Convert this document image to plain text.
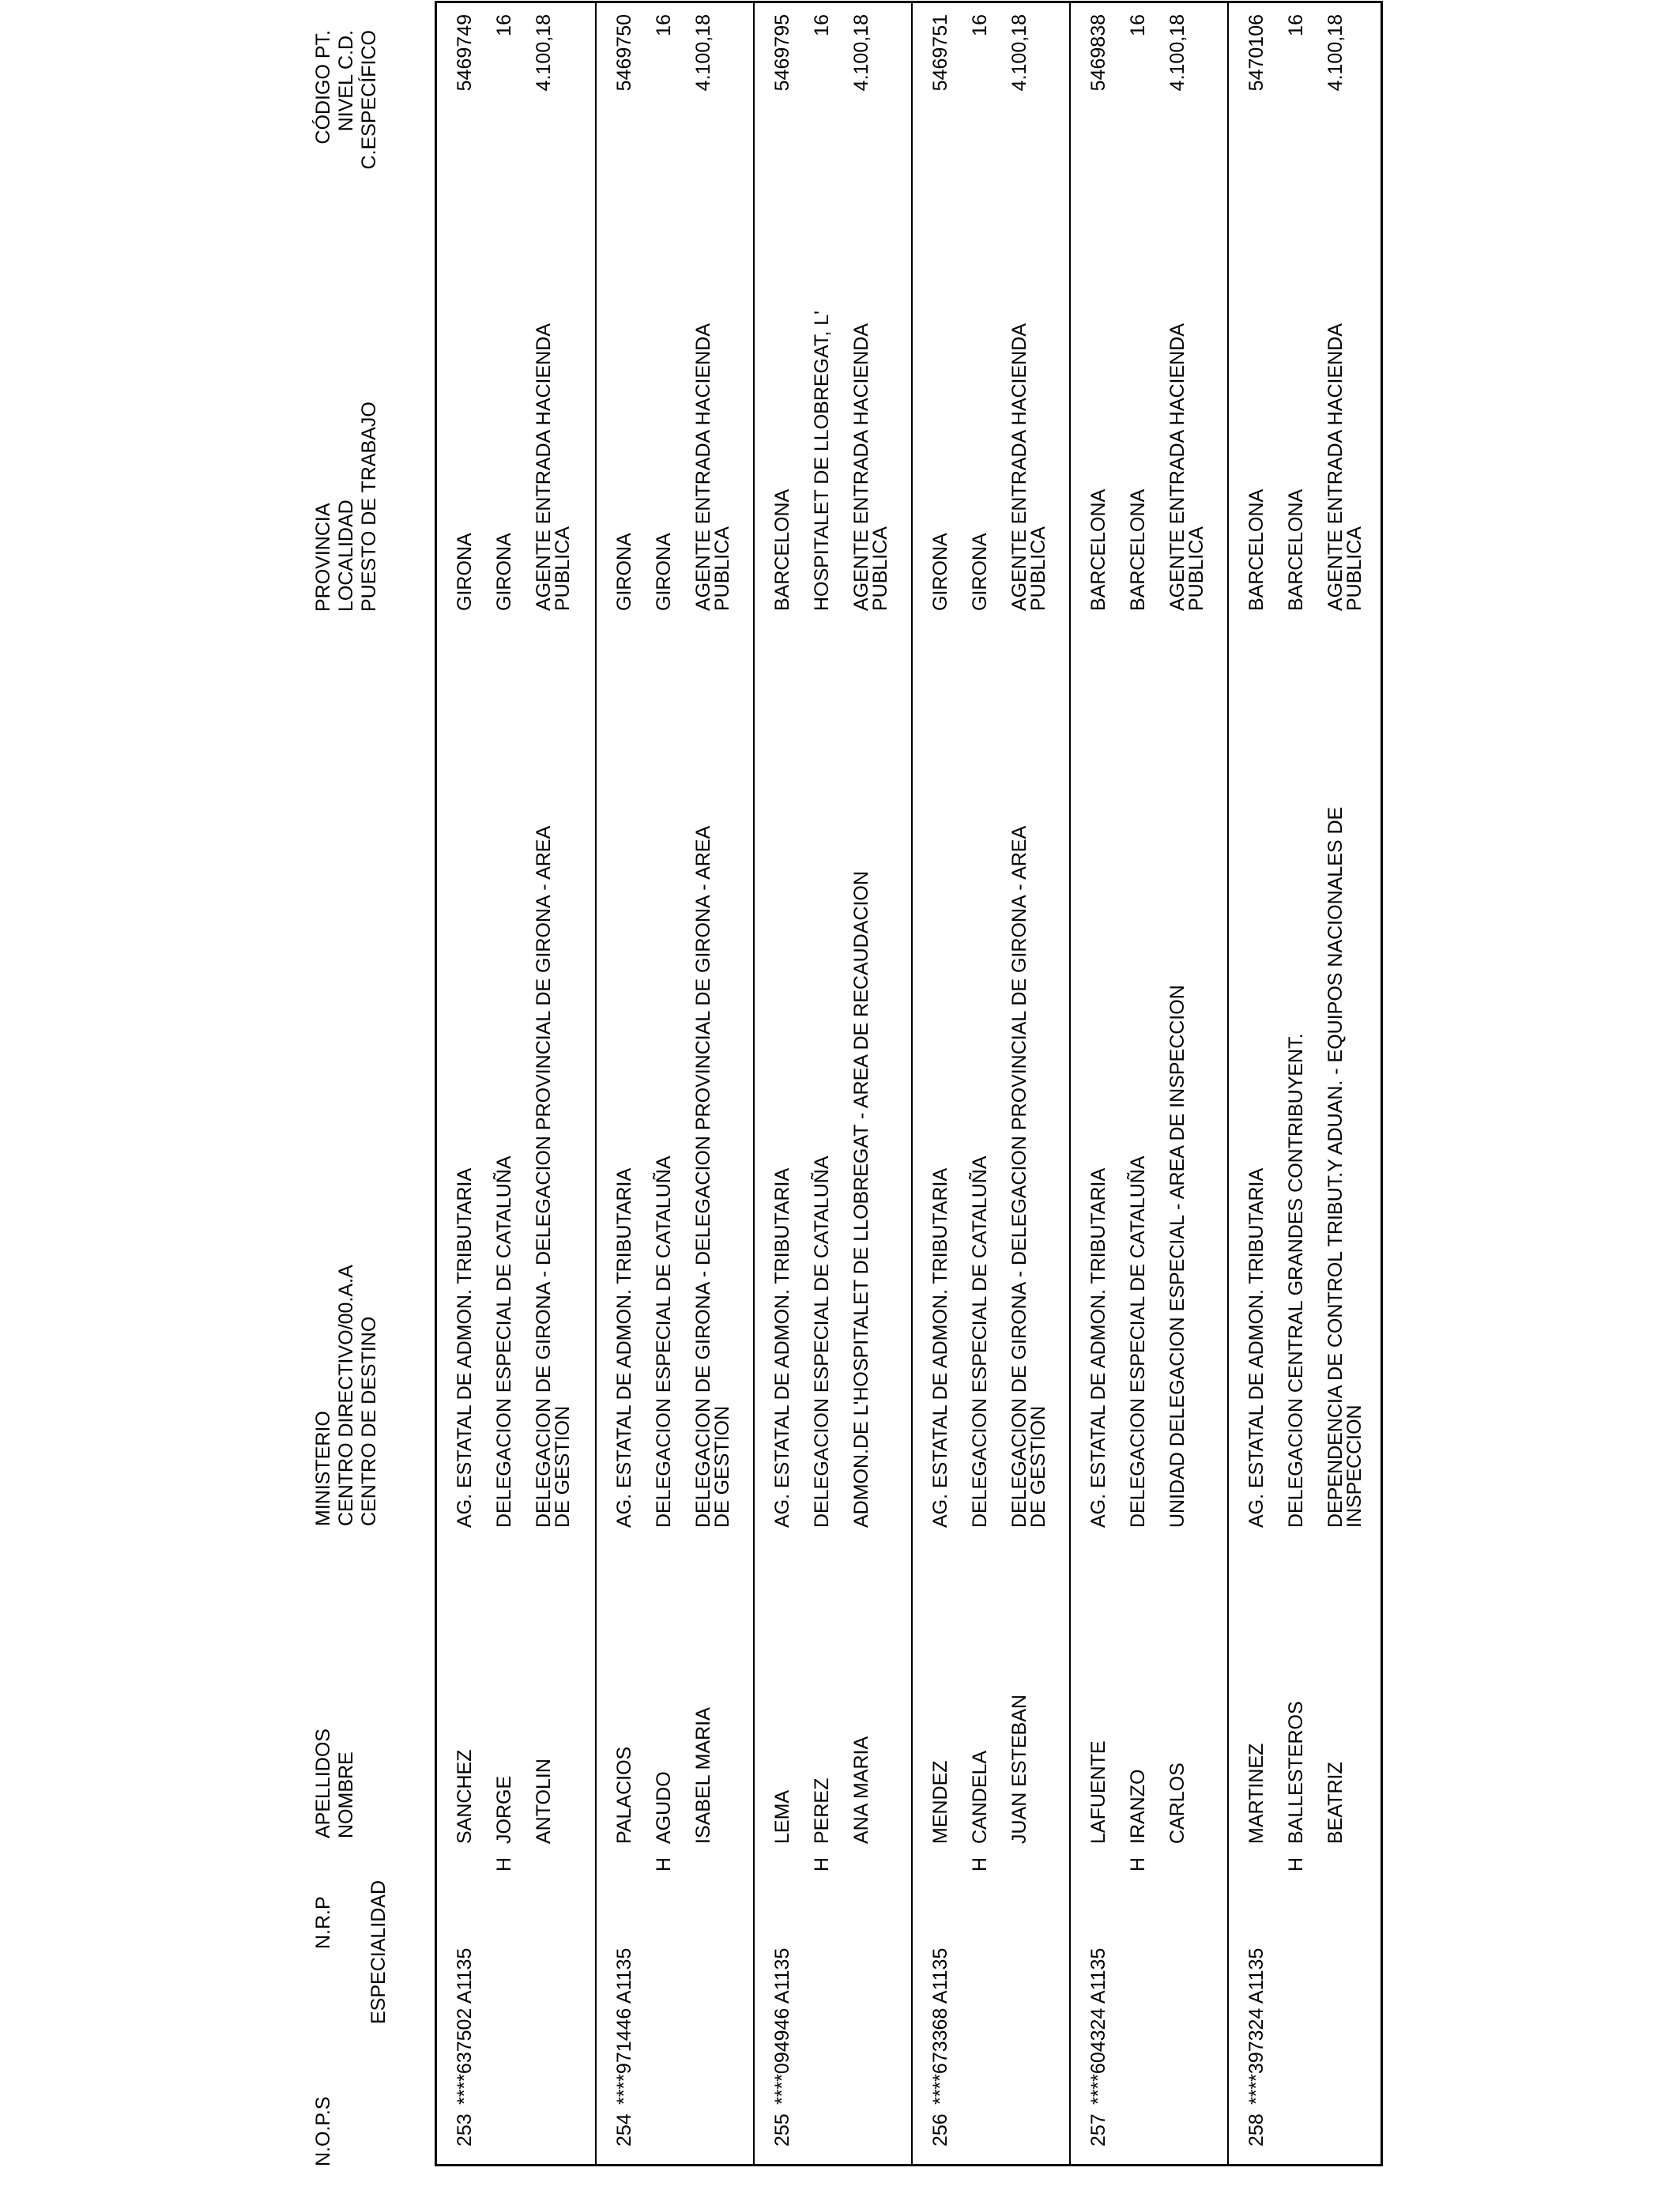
N.O.P.S
N.R.P ESPECIALIDAD
APELLIDOS NOMBRE
MINISTERIO CENTRO DIRECTIVO/00.A.A CENTRO DE DESTINO
PROVINCIA LOCALIDAD PUESTO DE TRABAJO
CÓDIGO PT. NIVEL C.D. C.ESPECÍFICO
253
****637502 A1135
H
SANCHEZ JORGE ANTOLIN
AG. ESTATAL DE ADMON. TRIBUTARIA DELEGACION ESPECIAL DE CATALUÑA DELEGACION DE GIRONA - DELEGACION PROVINCIAL DE GIRONA - AREA
DE GESTION
GIRONA GIRONA AGENTE ENTRADA HACIENDA
PUBLICA
5469749 16 4.100,18
254
****971446 A1135
H
PALACIOS AGUDO ISABEL MARIA
AG. ESTATAL DE ADMON. TRIBUTARIA DELEGACION ESPECIAL DE CATALUÑA DELEGACION DE GIRONA - DELEGACION PROVINCIAL DE GIRONA - AREA
DE GESTION
GIRONA GIRONA AGENTE ENTRADA HACIENDA
PUBLICA
5469750 16 4.100,18
255
****094946 A1135
H
LEMA PEREZ ANA MARIA
AG. ESTATAL DE ADMON. TRIBUTARIA DELEGACION ESPECIAL DE CATALUÑA ADMON.DE L'HOSPITALET DE LLOBREGAT - AREA DE RECAUDACION
BARCELONA HOSPITALET DE LLOBREGAT, L' AGENTE ENTRADA HACIENDA
PUBLICA
5469795 16 4.100,18
256
****673368 A1135
H
MENDEZ CANDELA JUAN ESTEBAN
AG. ESTATAL DE ADMON. TRIBUTARIA DELEGACION ESPECIAL DE CATALUÑA DELEGACION DE GIRONA - DELEGACION PROVINCIAL DE GIRONA - AREA
DE GESTION
GIRONA GIRONA AGENTE ENTRADA HACIENDA
PUBLICA
5469751 16 4.100,18
257
****604324 A1135
H
LAFUENTE IRANZO CARLOS
AG. ESTATAL DE ADMON. TRIBUTARIA DELEGACION ESPECIAL DE CATALUÑA UNIDAD DELEGACION ESPECIAL - AREA DE INSPECCION
BARCELONA BARCELONA AGENTE ENTRADA HACIENDA
PUBLICA
5469838 16 4.100,18
258
****397324 A1135
H
MARTINEZ BALLESTEROS BEATRIZ
AG. ESTATAL DE ADMON. TRIBUTARIA DELEGACION CENTRAL GRANDES CONTRIBUYENT. DEPENDENCIA DE CONTROL TRIBUT.Y ADUAN. - EQUIPOS NACIONALES DE
INSPECCION
BARCELONA BARCELONA AGENTE ENTRADA HACIENDA
PUBLICA
5470106 16 4.100,18
